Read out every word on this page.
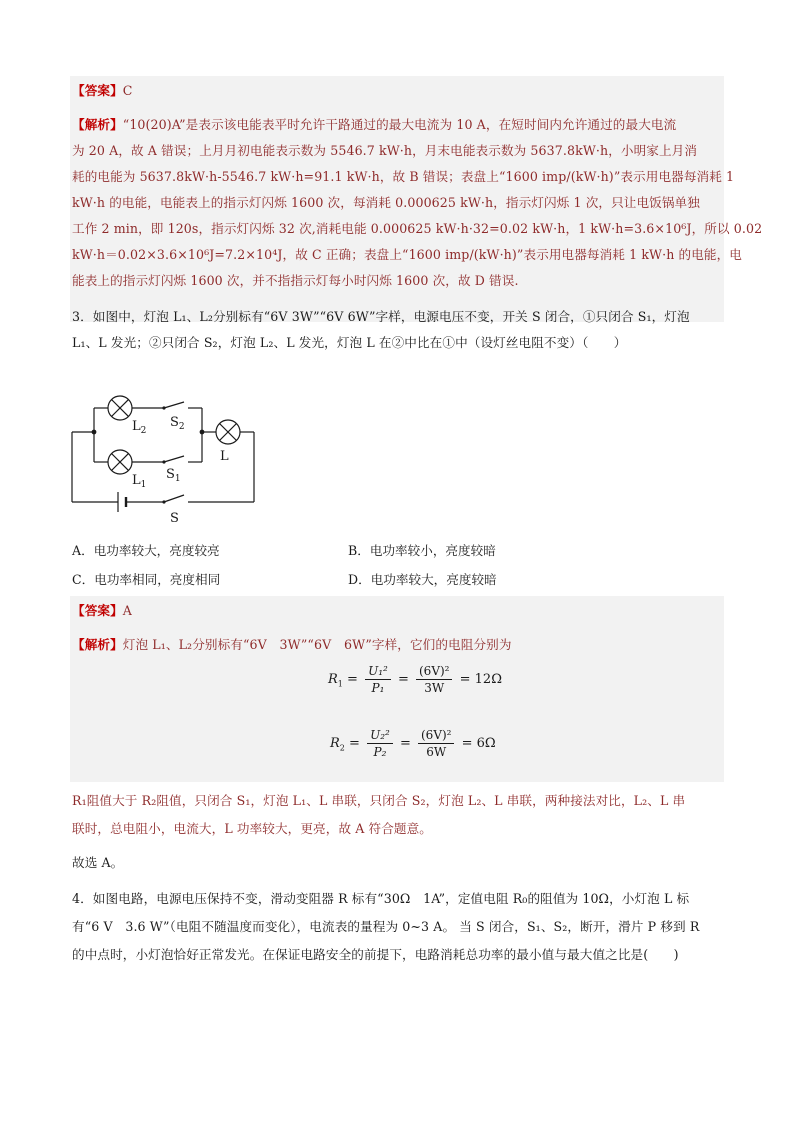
【答案】C
【解析】“10(20)A”是表示该电能表平时允许干路通过的最大电流为 10 A，在短时间内允许通过的最大电流
为 20 A，故 A 错误；上月月初电能表示数为 5546.7 kW·h，月末电能表示数为 5637.8kW·h，小明家上月消
耗的电能为 5637.8kW·h-5546.7 kW·h=91.1 kW·h，故 B 错误；表盘上“1600 imp/(kW·h)”表示用电器每消耗 1
kW·h 的电能，电能表上的指示灯闪烁 1600 次，每消耗 0.000625 kW·h，指示灯闪烁 1 次，只让电饭锅单独
工作 2 min，即 120s，指示灯闪烁 32 次,消耗电能 0.000625 kW·h·32=0.02 kW·h，1 kW·h=3.6×10⁶J，所以 0.02
kW·h＝0.02×3.6×10⁶J=7.2×10⁴J，故 C 正确；表盘上“1600 imp/(kW·h)”表示用电器每消耗 1 kW·h 的电能，电
能表上的指示灯闪烁 1600 次，并不指指示灯每小时闪烁 1600 次，故 D 错误.
3．如图中，灯泡 L₁、L₂分别标有“6V 3W”“6V 6W”字样，电源电压不变，开关 S 闭合，①只闭合 S₁，灯泡
L₁、L 发光；②只闭合 S₂，灯泡 L₂、L 发光，灯泡 L 在②中比在①中（设灯丝电阻不变）（　　）
$L_2$
$S_2$
$L_1$
$S_1$
L
S
A．电功率较大，亮度较亮	B．电功率较小，亮度较暗
C．电功率相同，亮度相同	D．电功率较大，亮度较暗
【答案】A
【解析】灯泡 L₁、L₂分别标有“6V　3W”“6V　6W”字样，它们的电阻分别为
$R_1 = \frac{\text{U₁²}}{\text{P₁}} = \frac{\text{(6V)²}}{3W} = 12\Omega$
$R_2 = \frac{\text{U₂²}}{\text{P₂}} = \frac{\text{(6V)²}}{6W} = 6\Omega$
R₁阻值大于 R₂阻值，只闭合 S₁，灯泡 L₁、L 串联，只闭合 S₂，灯泡 L₂、L 串联，两种接法对比，L₂、L 串
联时，总电阻小，电流大，L 功率较大，更亮，故 A 符合题意。
故选 A。
4．如图电路，电源电压保持不变，滑动变阻器 R 标有“30Ω　1A”，定值电阻 R₀的阻值为 10Ω，小灯泡 L 标
有“6 V　3.6 W”（电阻不随温度而变化），电流表的量程为 0~3 A。 当 S 闭合，S₁、S₂，断开，滑片 P 移到 R
的中点时，小灯泡恰好正常发光。在保证电路安全的前提下，电路消耗总功率的最小值与最大值之比是(　　)
